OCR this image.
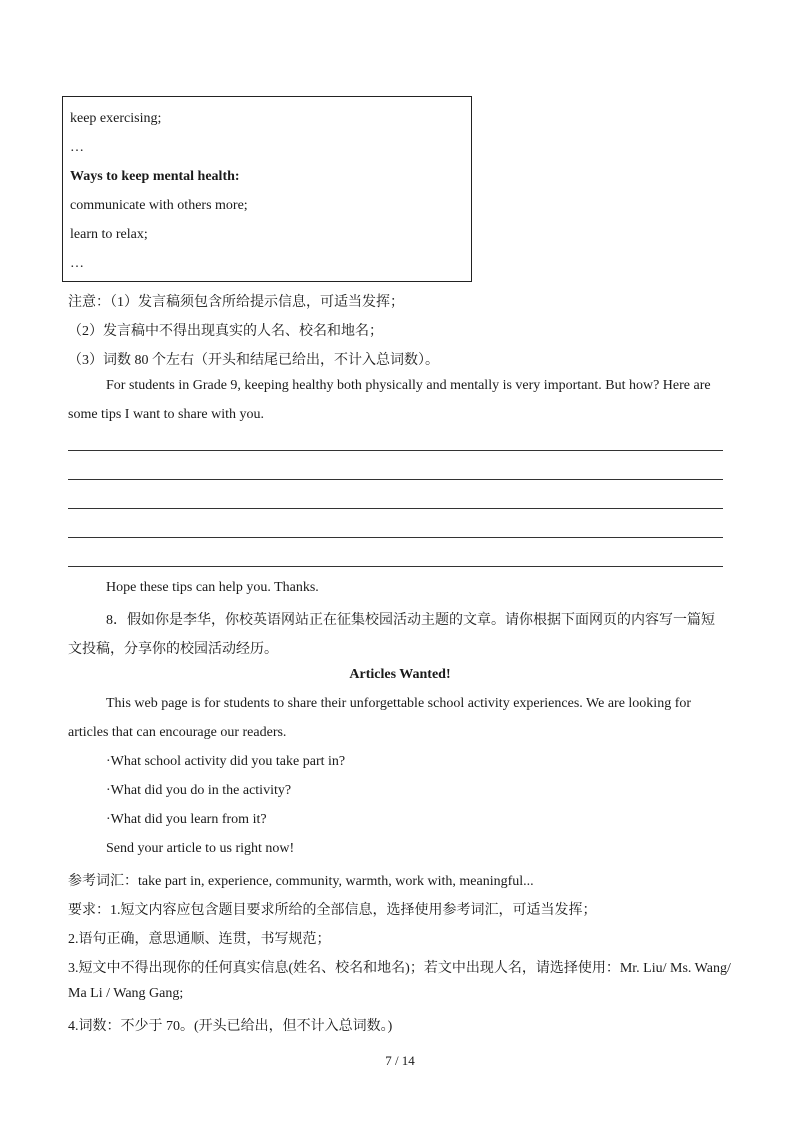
keep exercising;
…
Ways to keep mental health:
communicate with others more;
learn to relax;
…
注意：（1）发言稿须包含所给提示信息，可适当发挥；
（2）发言稿中不得出现真实的人名、校名和地名；
（3）词数 80 个左右（开头和结尾已给出，不计入总词数）。
For students in Grade 9, keeping healthy both physically and mentally is very important. But how? Here are
some tips I want to share with you.
Hope these tips can help you. Thanks.
8．假如你是李华，你校英语网站正在征集校园活动主题的文章。请你根据下面网页的内容写一篇短
文投稿，分享你的校园活动经历。
Articles Wanted!
This web page is for students to share their unforgettable school activity experiences. We are looking for
articles that can encourage our readers.
·What school activity did you take part in?
·What did you do in the activity?
·What did you learn from it?
Send your article to us right now!
参考词汇：take part in, experience, community, warmth, work with, meaningful...
要求：1.短文内容应包含题目要求所给的全部信息，选择使用参考词汇，可适当发挥；
2.语句正确，意思通顺、连贯，书写规范；
3.短文中不得出现你的任何真实信息(姓名、校名和地名)；若文中出现人名，请选择使用：Mr. Liu/ Ms. Wang/
Ma Li / Wang Gang;
4.词数：不少于 70。(开头已给出，但不计入总词数。)
7 / 14
